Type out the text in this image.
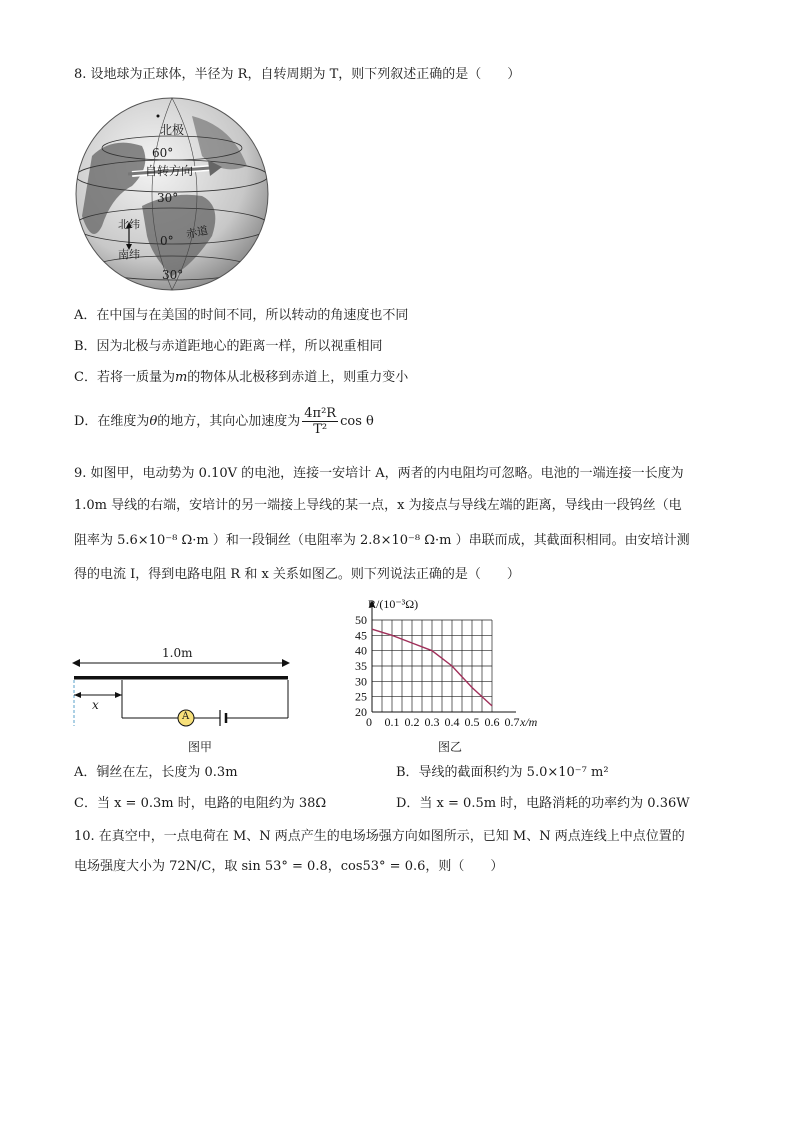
8. 设地球为正球体，半径为 R，自转周期为 T，则下列叙述正确的是（　　）
北极
60°
自转方向
30°
北纬	赤道
0°
南纬
30°
A．在中国与在美国的时间不同，所以转动的角速度也不同
B．因为北极与赤道距地心的距离一样，所以视重相同
C．若将一质量为m的物体从北极移到赤道上，则重力变小
D．在维度为θ的地方，其向心加速度为 $\frac{\text{4π²R}}{\text{T²}}$ cos θ
9. 如图甲，电动势为 0.10V 的电池，连接一安培计 A，两者的内电阻均可忽略。电池的一端连接一长度为
1.0m 导线的右端，安培计的另一端接上导线的某一点，x 为接点与导线左端的距离，导线由一段钨丝（电
阻率为 5.6×10⁻⁸ Ω·m ）和一段铜丝（电阻率为 2.8×10⁻⁸ Ω·m ）串联而成，其截面积相同。由安培计测
得的电流 I，得到电路电阻 R 和 x 关系如图乙。则下列说法正确的是（　　）
1.0m
x
A
图甲
20
25
30
35
40
45
50
0 0.1 0.2 0.3 0.4 0.5 0.6 0.7 x/m
R/(10⁻³Ω)
图乙
A．铜丝在左，长度为 0.3m	B．导线的截面积约为 5.0×10⁻⁷ m²
C．当 x = 0.3m 时，电路的电阻约为 38Ω	D．当 x = 0.5m 时，电路消耗的功率约为 0.36W
10. 在真空中，一点电荷在 M、N 两点产生的电场场强方向如图所示，已知 M、N 两点连线上中点位置的
电场强度大小为 72N/C，取 sin 53° = 0.8，cos53° = 0.6，则（　　）
